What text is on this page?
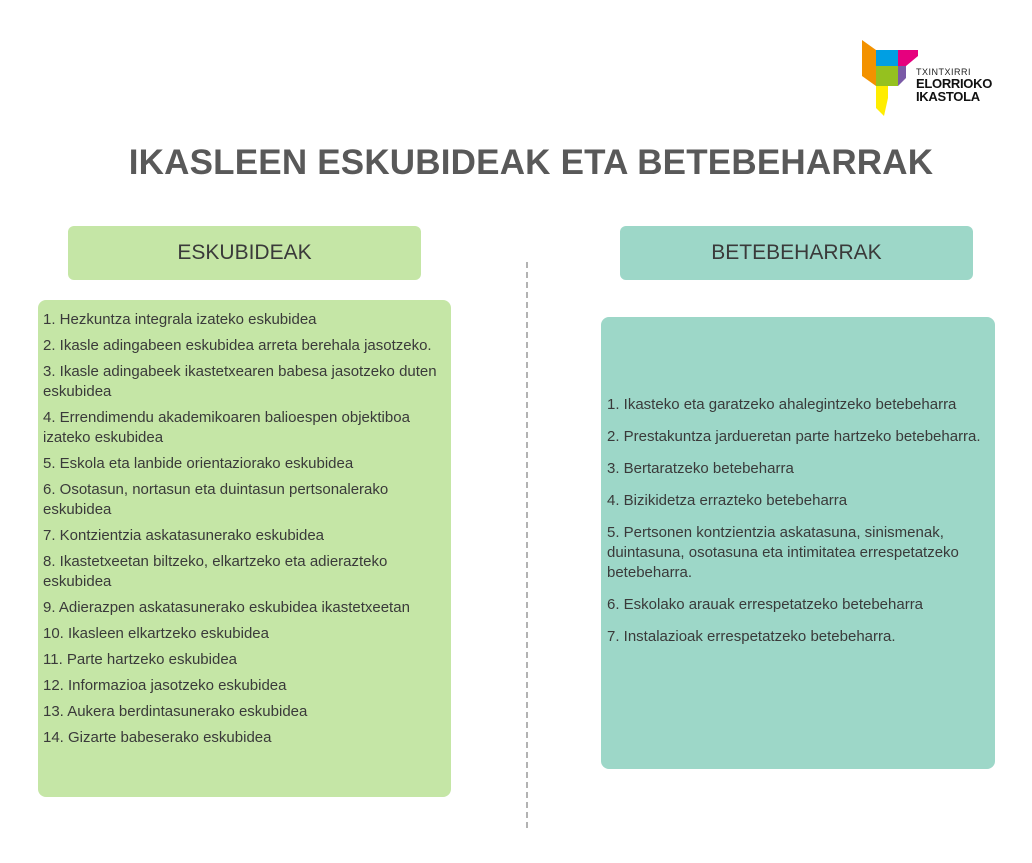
TXINTXIRRI
ELORRIOKO
IKASTOLA
IKASLEEN ESKUBIDEAK ETA BETEBEHARRAK
ESKUBIDEAK	BETEBEHARRAK
1. Hezkuntza integrala izateko eskubidea
2. Ikasle adingabeen eskubidea arreta berehala jasotzeko.
3. Ikasle adingabeek ikastetxearen babesa jasotzeko duten eskubidea
4. Errendimendu akademikoaren balioespen objektiboa izateko eskubidea
5. Eskola eta lanbide orientaziorako eskubidea
6. Osotasun, nortasun eta duintasun pertsonalerako eskubidea
7. Kontzientzia askatasunerako eskubidea
8. Ikastetxeetan biltzeko, elkartzeko eta adierazteko eskubidea
9. Adierazpen askatasunerako eskubidea ikastetxeetan
10. Ikasleen elkartzeko eskubidea
11. Parte hartzeko eskubidea
12. Informazioa jasotzeko eskubidea
13. Aukera berdintasunerako eskubidea
14. Gizarte babeserako eskubidea
1. Ikasteko eta garatzeko ahalegintzeko betebeharra
2. Prestakuntza jardueretan parte hartzeko betebeharra.
3. Bertaratzeko betebeharra
4. Bizikidetza errazteko betebeharra
5. Pertsonen kontzientzia askatasuna, sinismenak, duintasuna, osotasuna eta intimitatea errespetatzeko betebeharra.
6. Eskolako arauak errespetatzeko betebeharra
7. Instalazioak errespetatzeko betebeharra.
